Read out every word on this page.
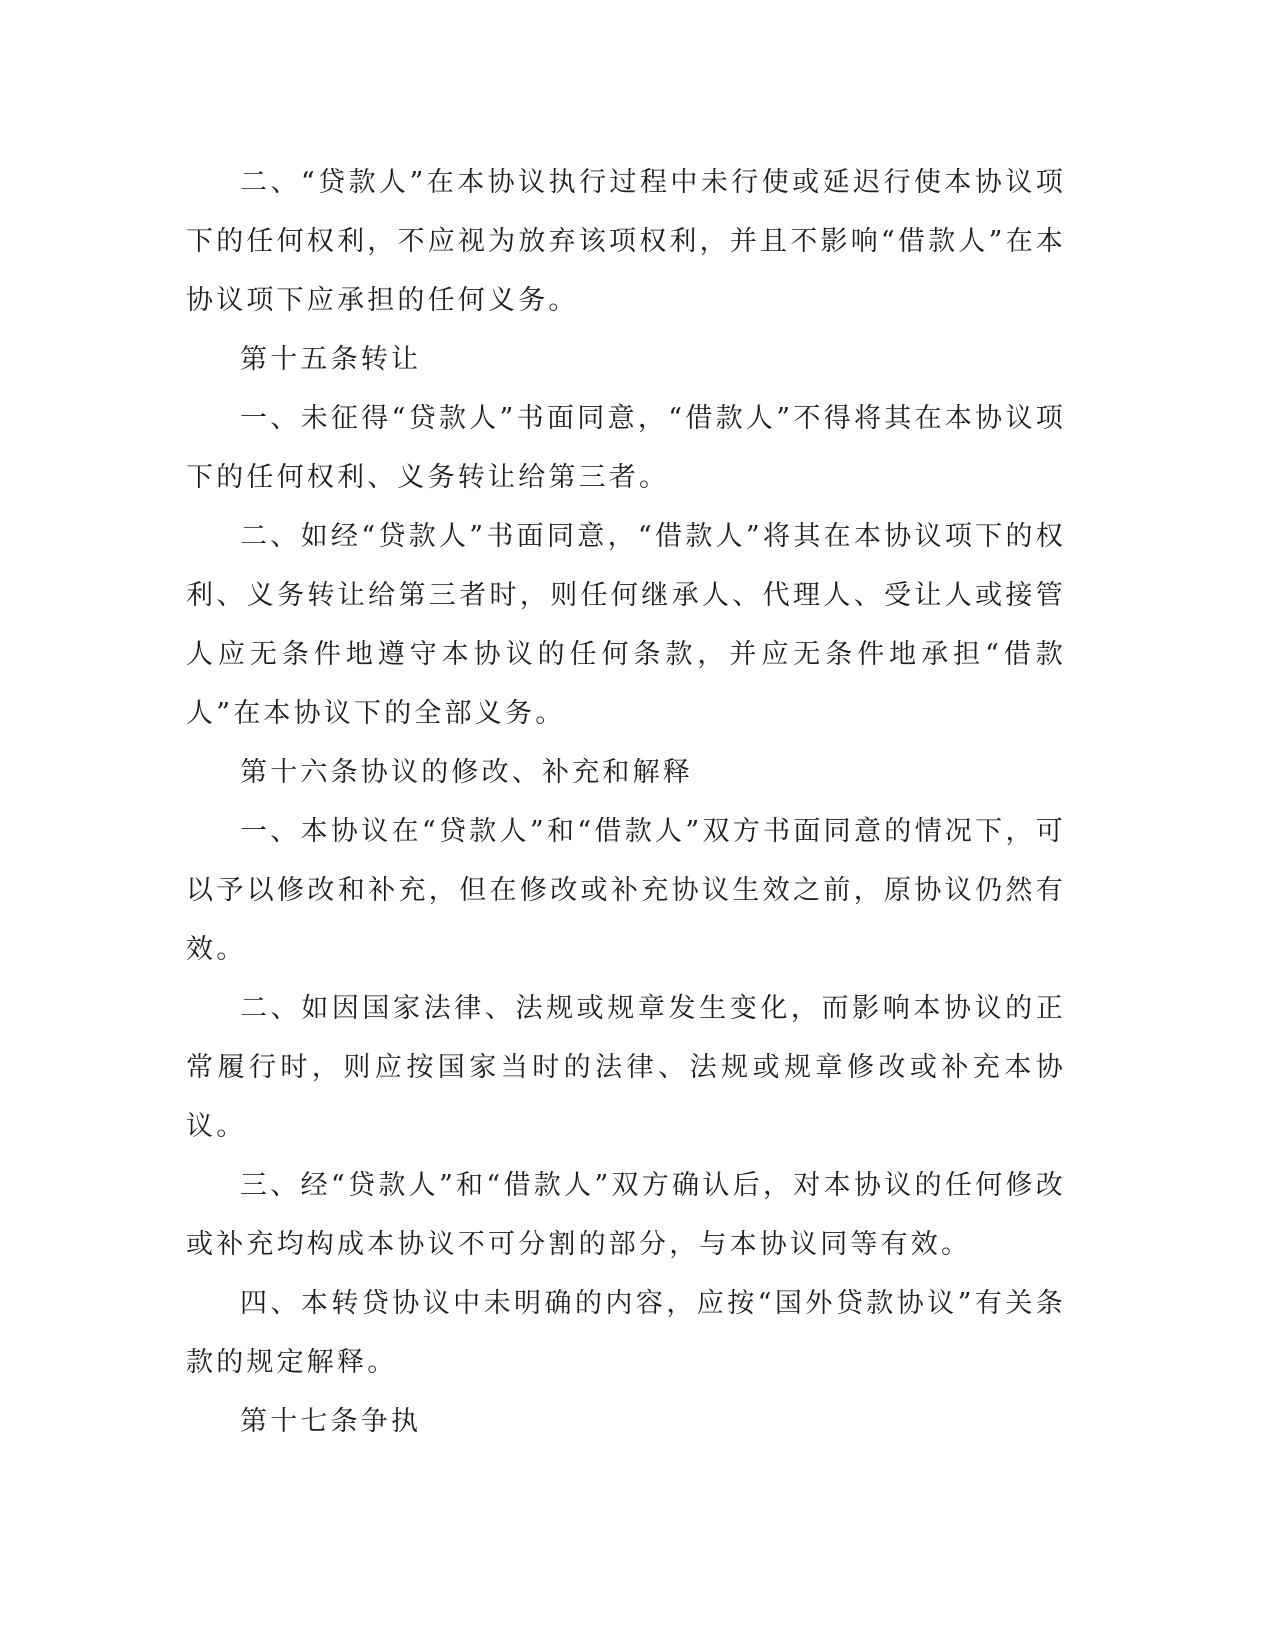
二、“贷款人”在本协议执行过程中未行使或延迟行使本协议项下的任何权利，不应视为放弃该项权利，并且不影响“借款人”在本协议项下应承担的任何义务。

第十五条转让

一、未征得“贷款人”书面同意，“借款人”不得将其在本协议项下的任何权利、义务转让给第三者。

二、如经“贷款人”书面同意，“借款人”将其在本协议项下的权利、义务转让给第三者时，则任何继承人、代理人、受让人或接管人应无条件地遵守本协议的任何条款，并应无条件地承担“借款人”在本协议下的全部义务。

第十六条协议的修改、补充和解释

一、本协议在“贷款人”和“借款人”双方书面同意的情况下，可以予以修改和补充，但在修改或补充协议生效之前，原协议仍然有效。

二、如因国家法律、法规或规章发生变化，而影响本协议的正常履行时，则应按国家当时的法律、法规或规章修改或补充本协议。

三、经“贷款人”和“借款人”双方确认后，对本协议的任何修改或补充均构成本协议不可分割的部分，与本协议同等有效。

四、本转贷协议中未明确的内容，应按“国外贷款协议”有关条款的规定解释。

第十七条争执
